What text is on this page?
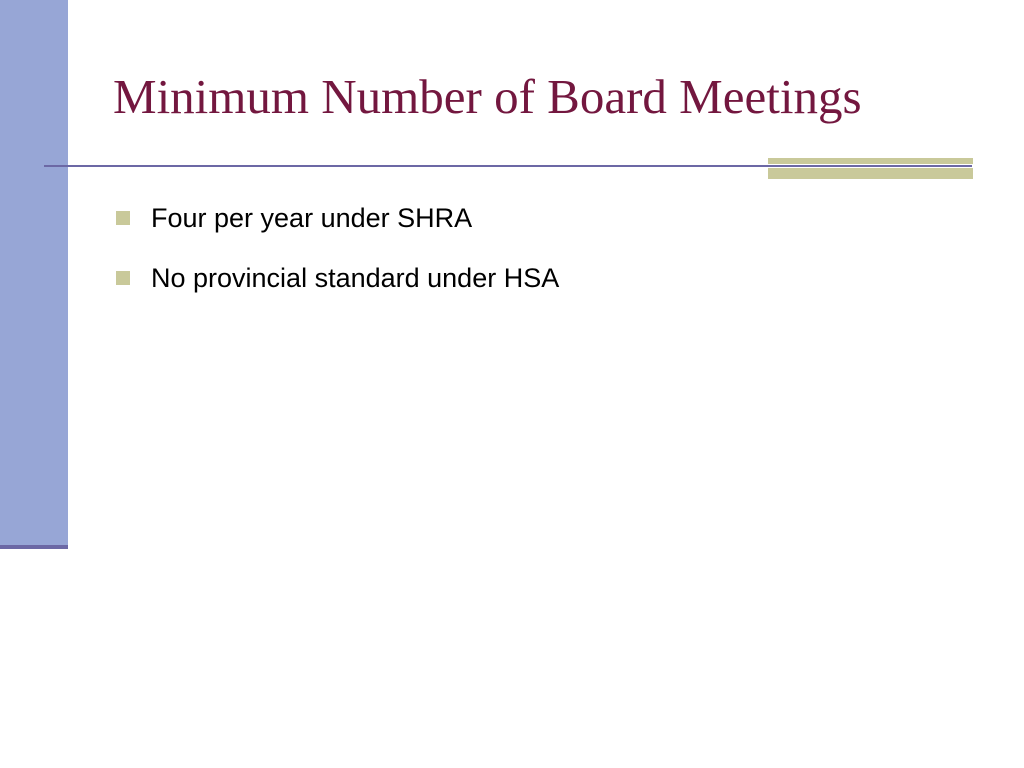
Minimum Number of Board Meetings
Four per year under SHRA
No provincial standard under HSA
